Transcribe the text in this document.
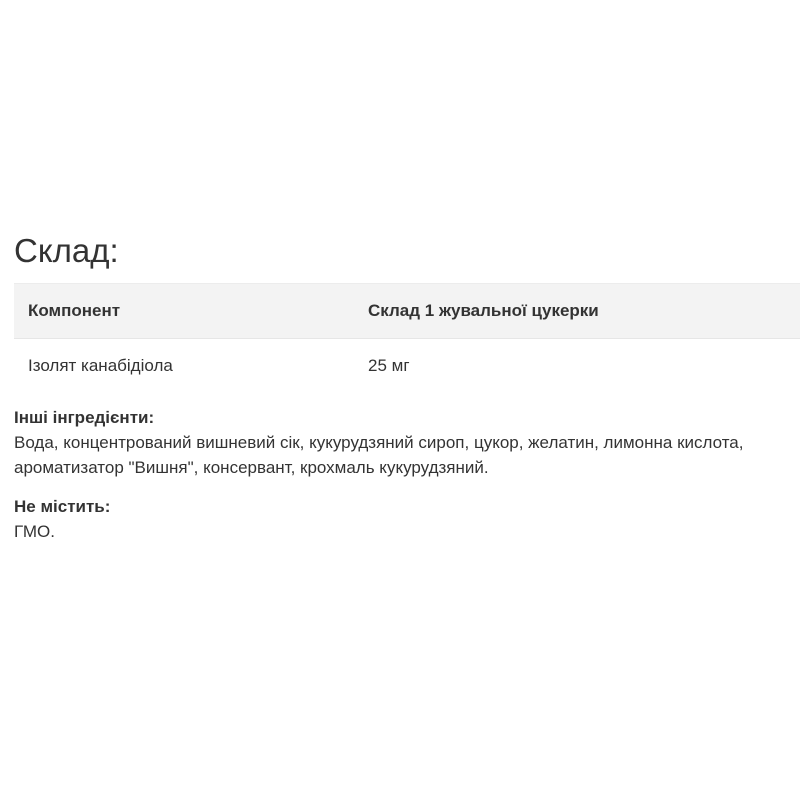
Склад:
Компонент	Склад 1 жувальної цукерки
Ізолят канабідіола	25 мг
Інші інгредієнти:
Вода, концентрований вишневий сік, кукурудзяний сироп, цукор, желатин, лимонна кислота, ароматизатор "Вишня", консервант, крохмаль кукурудзяний.
Не містить:
ГМО.
